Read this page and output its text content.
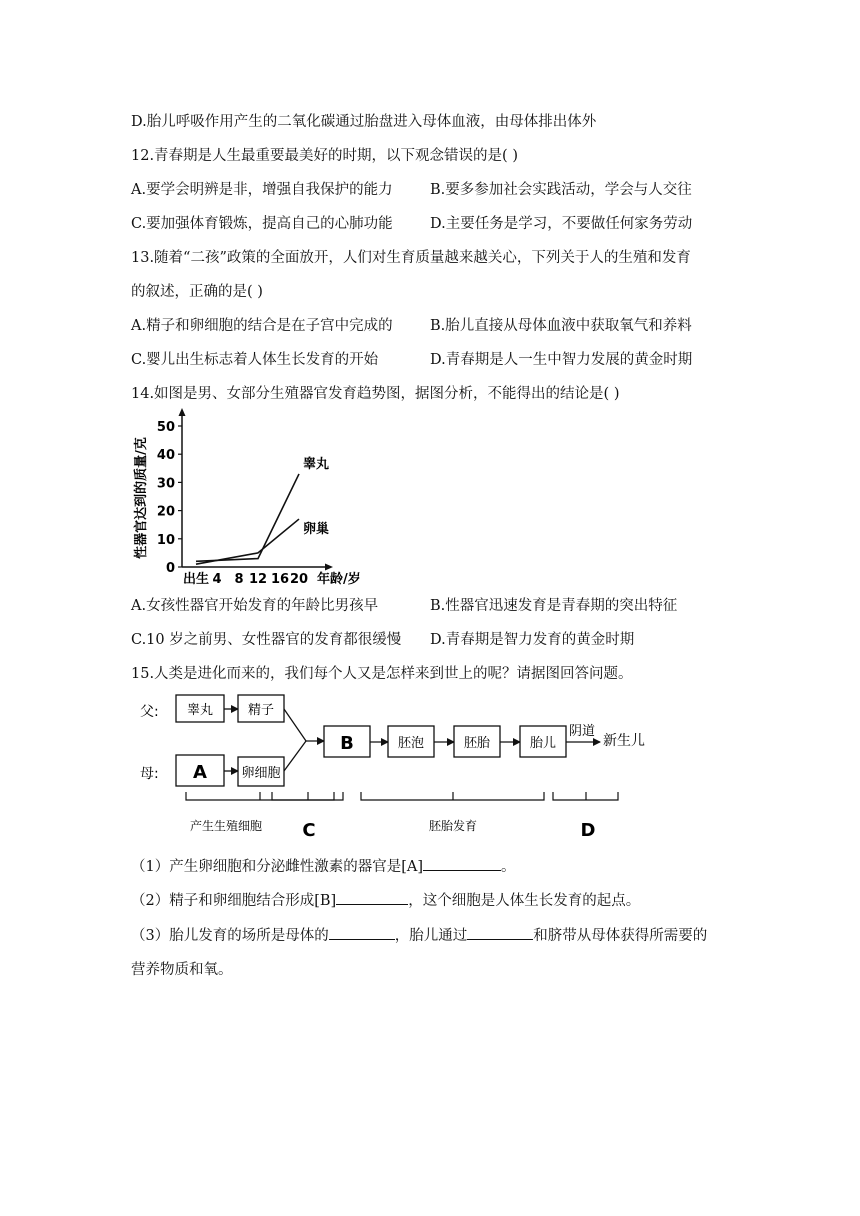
D.胎儿呼吸作用产生的二氧化碳通过胎盘进入母体血液，由母体排出体外
12.青春期是人生最重要最美好的时期，以下观念错误的是( )
A.要学会明辨是非，增强自我保护的能力	B.要多参加社会实践活动，学会与人交往
C.要加强体育锻炼，提高自己的心肺功能	D.主要任务是学习，不要做任何家务劳动
13.随着“二孩”政策的全面放开，人们对生育质量越来越关心，下列关于人的生殖和发育
的叙述，正确的是( )
A.精子和卵细胞的结合是在子宫中完成的	B.胎儿直接从母体血液中获取氧气和养料
C.婴儿出生标志着人体生长发育的开始	D.青春期是人一生中智力发展的黄金时期
14.如图是男、女部分生殖器官发育趋势图，据图分析，不能得出的结论是( )
性器官达到的质量/克
0
10
20
30
40
50
出生 4 8 12 16 20
睾丸
卵巢
年龄/岁
A.女孩性器官开始发育的年龄比男孩早	B.性器官迅速发育是青春期的突出特征
C.10 岁之前男、女性器官的发育都很缓慢 D.青春期是智力发育的黄金时期
15.人类是进化而来的，我们每个人又是怎样来到世上的呢？请据图回答问题。
父:
母:
睾丸	精子
A	卵细胞
B	胚泡	胚胎	胎儿
阴道
新生儿
产生生殖细胞 C	胚胎发育	D
（1）产生卵细胞和分泌雌性激素的器官是[A]	。
（2）精子和卵细胞结合形成[B]	，这个细胞是人体生长发育的起点。
（3）胎儿发育的场所是母体的	，胎儿通过	和脐带从母体获得所需要的
营养物质和氧。
